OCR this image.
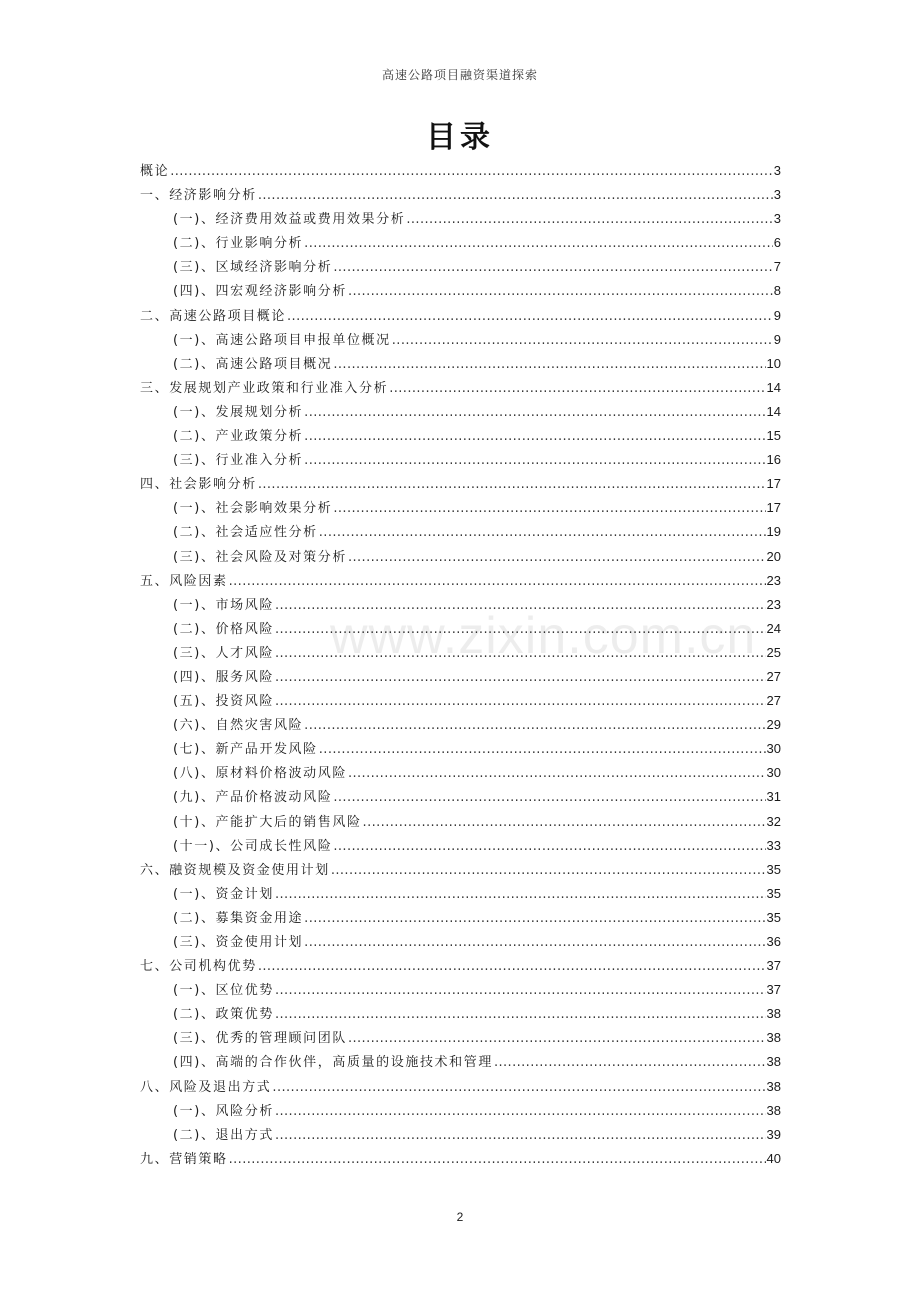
高速公路项目融资渠道探索
目录
www.zixin.com.cn
概论 .....	3
一、经济影响分析 .....	3
(一)、经济费用效益或费用效果分析 .....	3
(二)、行业影响分析 .....	6
(三)、区域经济影响分析 .....	7
(四)、四宏观经济影响分析 .....	8
二、高速公路项目概论 .....	9
(一)、高速公路项目申报单位概况 .....	9
(二)、高速公路项目概况 .....	10
三、发展规划产业政策和行业准入分析 .....	14
(一)、发展规划分析 .....	14
(二)、产业政策分析 .....	15
(三)、行业准入分析 .....	16
四、社会影响分析 .....	17
(一)、社会影响效果分析 .....	17
(二)、社会适应性分析 .....	19
(三)、社会风险及对策分析 .....	20
五、风险因素 .....	23
(一)、市场风险 .....	23
(二)、价格风险 .....	24
(三)、人才风险 .....	25
(四)、服务风险 .....	27
(五)、投资风险 .....	27
(六)、自然灾害风险 .....	29
(七)、新产品开发风险 .....	30
(八)、原材料价格波动风险 .....	30
(九)、产品价格波动风险 .....	31
(十)、产能扩大后的销售风险 .....	32
(十一)、公司成长性风险 .....	33
六、融资规模及资金使用计划 .....	35
(一)、资金计划 .....	35
(二)、募集资金用途 .....	35
(三)、资金使用计划 .....	36
七、公司机构优势 .....	37
(一)、区位优势 .....	37
(二)、政策优势 .....	38
(三)、优秀的管理顾问团队 .....	38
(四)、高端的合作伙伴，高质量的设施技术和管理 .....	38
八、风险及退出方式 .....	38
(一)、风险分析 .....	38
(二)、退出方式 .....	39
九、营销策略 .....	40
2
